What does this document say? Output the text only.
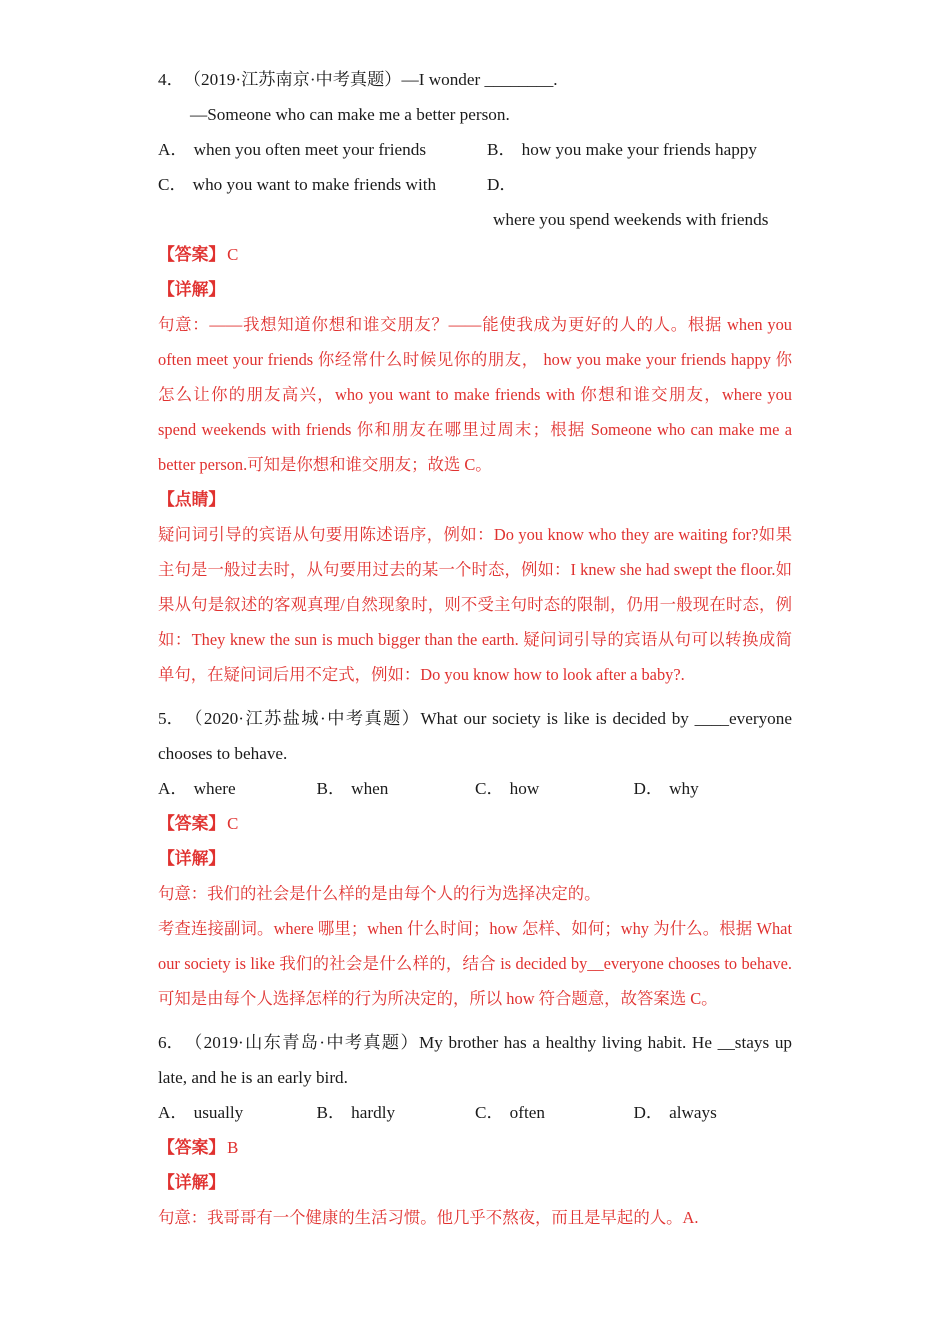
4．（2019·江苏南京·中考真题）—I wonder ________.
—Someone who can make me a better person.
A． when you often meet your friends	B． how you make your friends happy
C． who you want to make friends with	D．where you spend weekends with friends
【答案】 C
【详解】
句意：——我想知道你想和谁交朋友？——能使我成为更好的人的人。根据 when you often meet your friends 你经常什么时候见你的朋友， how you make your friends happy 你怎么让你的朋友高兴，who you want to make friends with 你想和谁交朋友，where you spend weekends with friends 你和朋友在哪里过周末；根据 Someone who can make me a better person.可知是你想和谁交朋友；故选 C。
【点睛】
疑问词引导的宾语从句要用陈述语序，例如：Do you know who they are waiting for?如果主句是一般过去时，从句要用过去的某一个时态，例如：I knew she had swept the floor.如果从句是叙述的客观真理/自然现象时，则不受主句时态的限制，仍用一般现在时态，例如：They knew the sun is much bigger than the earth. 疑问词引导的宾语从句可以转换成简单句，在疑问词后用不定式，例如：Do you know how to look after a baby?.
5．（2020·江苏盐城·中考真题）What our society is like is decided by ____everyone chooses to behave.
A． where	B． when	C． how	D． why
【答案】 C
【详解】
句意：我们的社会是什么样的是由每个人的行为选择决定的。
考查连接副词。where 哪里；when 什么时间；how 怎样、如何；why 为什么。根据 What our society is like 我们的社会是什么样的，结合 is decided by__everyone chooses to behave.可知是由每个人选择怎样的行为所决定的，所以 how 符合题意，故答案选 C。
6．（2019·山东青岛·中考真题）My brother has a healthy living habit. He __stays up late, and he is an early bird.
A． usually	B． hardly	C． often	D． always
【答案】 B
【详解】
句意：我哥哥有一个健康的生活习惯。他几乎不熬夜，而且是早起的人。A.
